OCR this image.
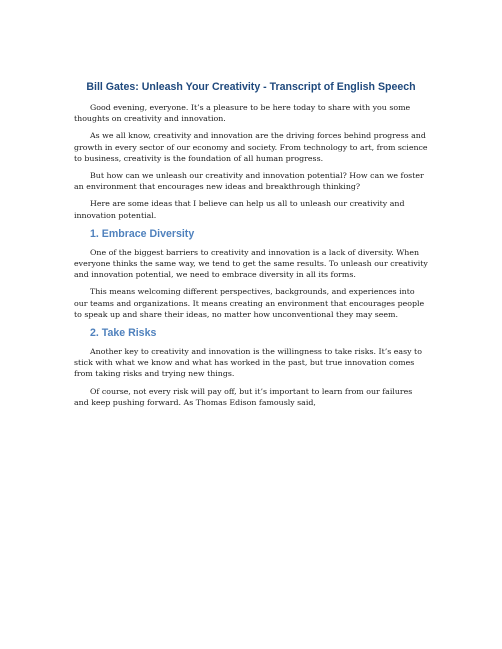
Bill Gates: Unleash Your Creativity - Transcript of English Speech

Good evening, everyone. It’s a pleasure to be here today to share with you some thoughts on creativity and innovation.

As we all know, creativity and innovation are the driving forces behind progress and growth in every sector of our economy and society. From technology to art, from science to business, creativity is the foundation of all human progress.

But how can we unleash our creativity and innovation potential? How can we foster an environment that encourages new ideas and breakthrough thinking?

Here are some ideas that I believe can help us all to unleash our creativity and innovation potential.

1. Embrace Diversity

One of the biggest barriers to creativity and innovation is a lack of diversity. When everyone thinks the same way, we tend to get the same results. To unleash our creativity and innovation potential, we need to embrace diversity in all its forms.

This means welcoming different perspectives, backgrounds, and experiences into our teams and organizations. It means creating an environment that encourages people to speak up and share their ideas, no matter how unconventional they may seem.

2. Take Risks

Another key to creativity and innovation is the willingness to take risks. It’s easy to stick with what we know and what has worked in the past, but true innovation comes from taking risks and trying new things.

Of course, not every risk will pay off, but it’s important to learn from our failures and keep pushing forward. As Thomas Edison famously said,
